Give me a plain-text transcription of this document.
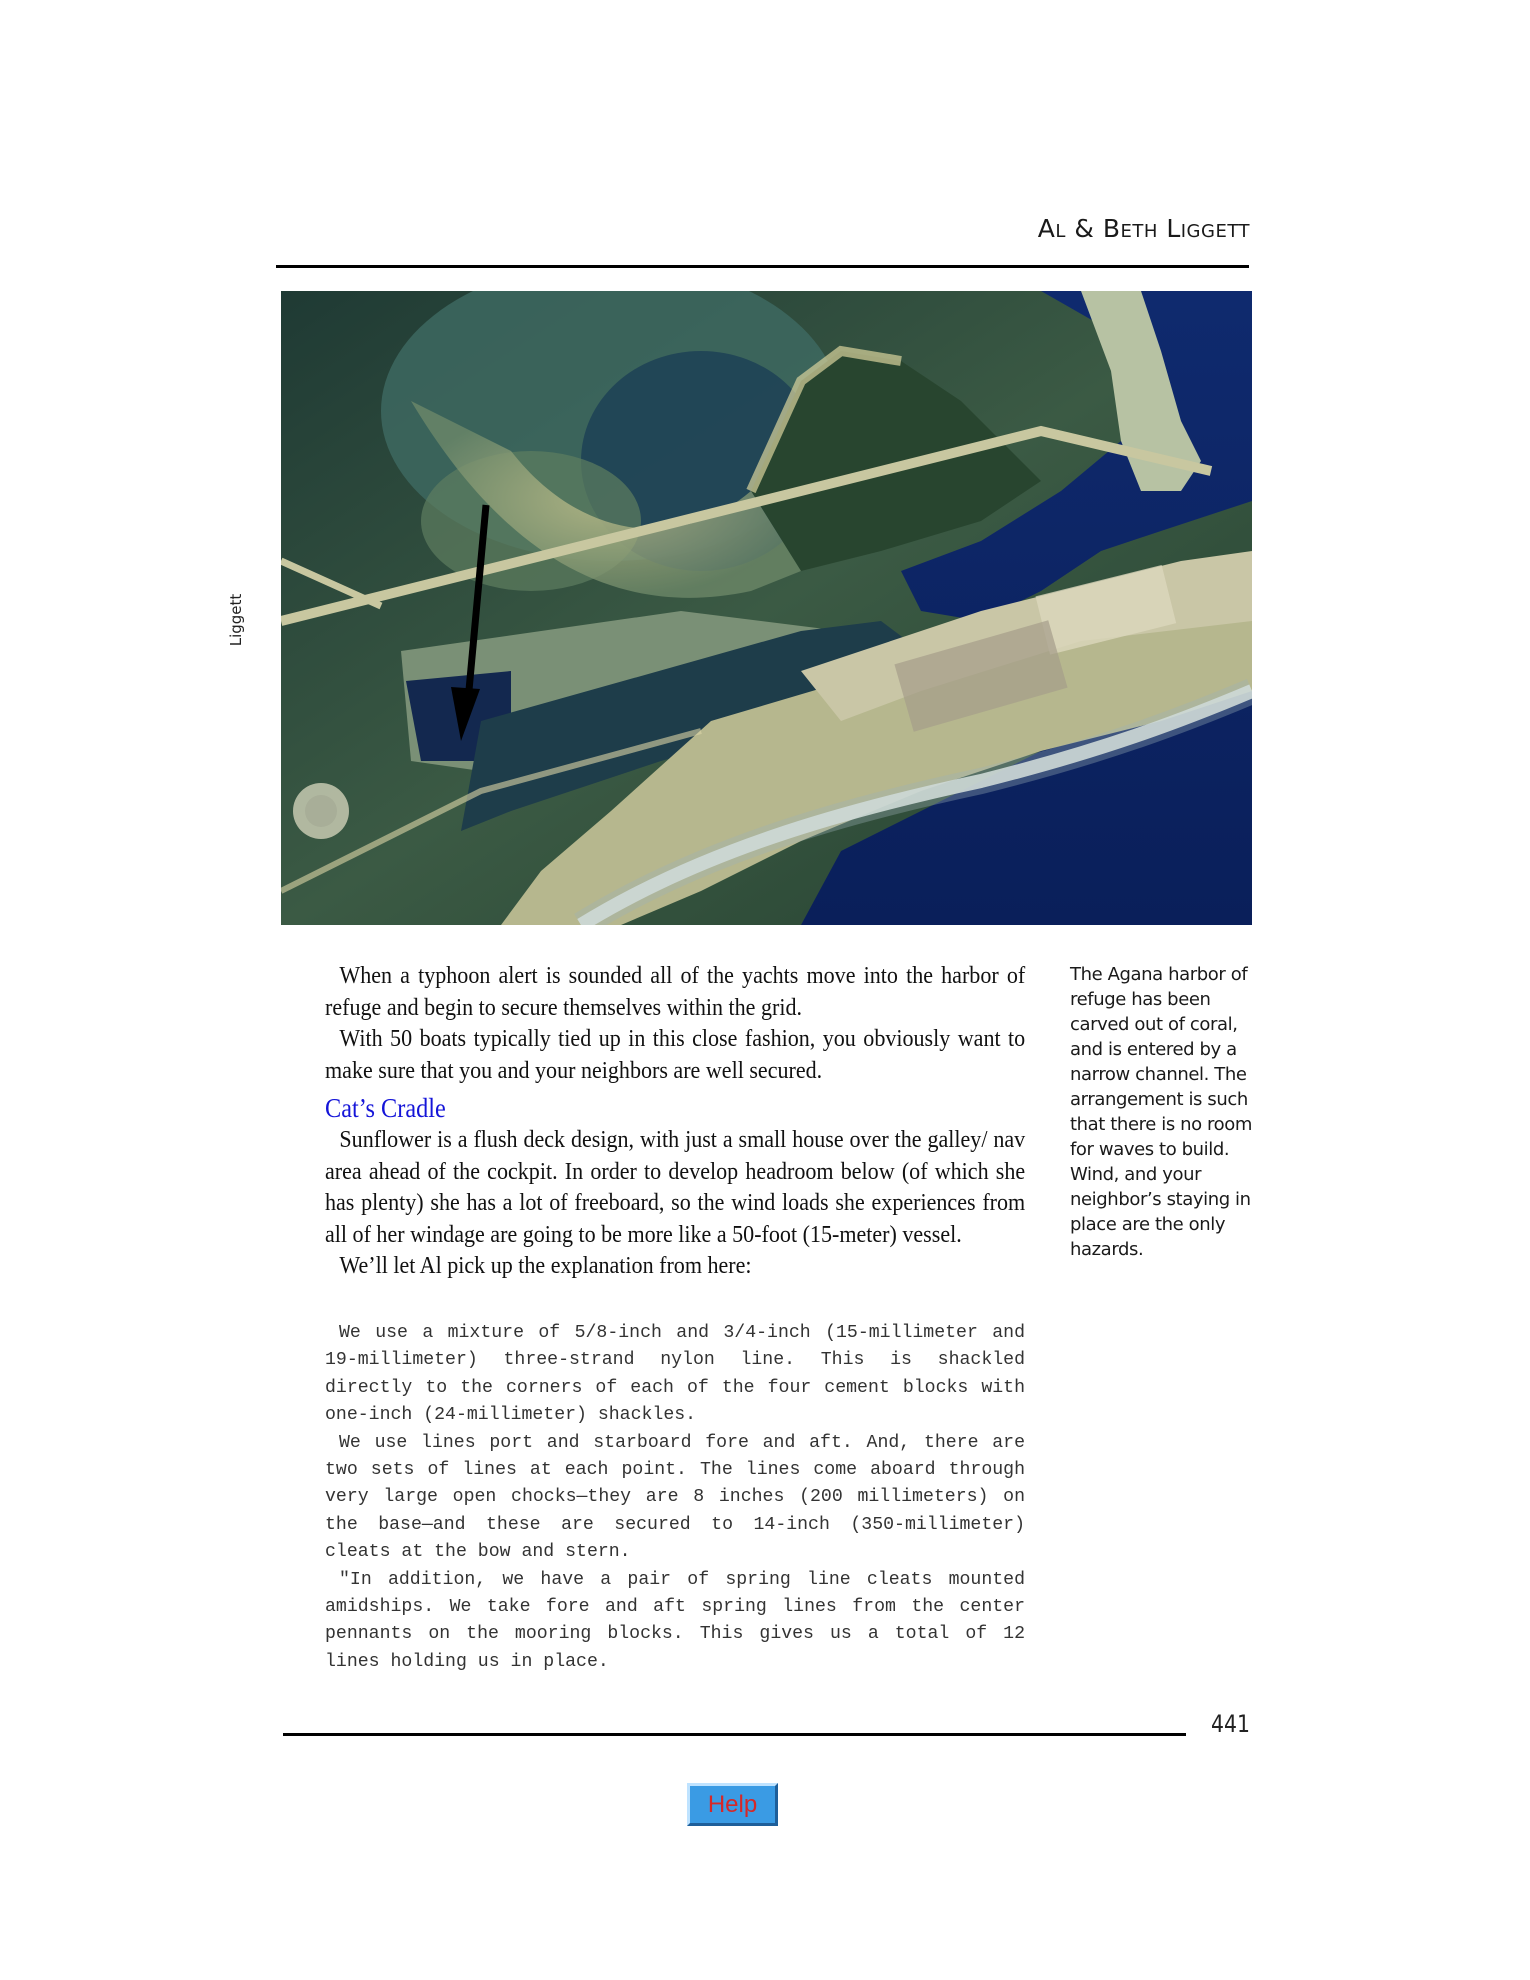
Al & Beth Liggett
Liggett

When a typhoon alert is sounded all of the yachts move into the harbor of refuge and begin to secure themselves within the grid.

With 50 boats typically tied up in this close fashion, you obviously want to make sure that you and your neighbors are well secured.

Cat’s Cradle

Sunflower is a flush deck design, with just a small house over the galley/ nav area ahead of the cockpit. In order to develop headroom below (of which she has plenty) she has a lot of freeboard, so the wind loads she experiences from all of her windage are going to be more like a 50-foot (15-meter) vessel.

We’ll let Al pick up the explanation from here:

We use a mixture of 5/8-inch and 3/4-inch (15-millimeter and 19-millimeter) three-strand nylon line. This is shackled directly to the corners of each of the four cement blocks with one-inch (24-millimeter) shackles.

We use lines port and starboard fore and aft. And, there are two sets of lines at each point. The lines come aboard through very large open chocks—they are 8 inches (200 millimeters) on the base—and these are secured to 14-inch (350-millimeter) cleats at the bow and stern.

"In addition, we have a pair of spring line cleats mounted amidships. We take fore and aft spring lines from the center pennants on the mooring blocks. This gives us a total of 12 lines holding us in place.

The Agana harbor of refuge has been carved out of coral, and is entered by a narrow channel. The arrangement is such that there is no room for waves to build. Wind, and your neighbor’s staying in place are the only hazards.
441
Help
